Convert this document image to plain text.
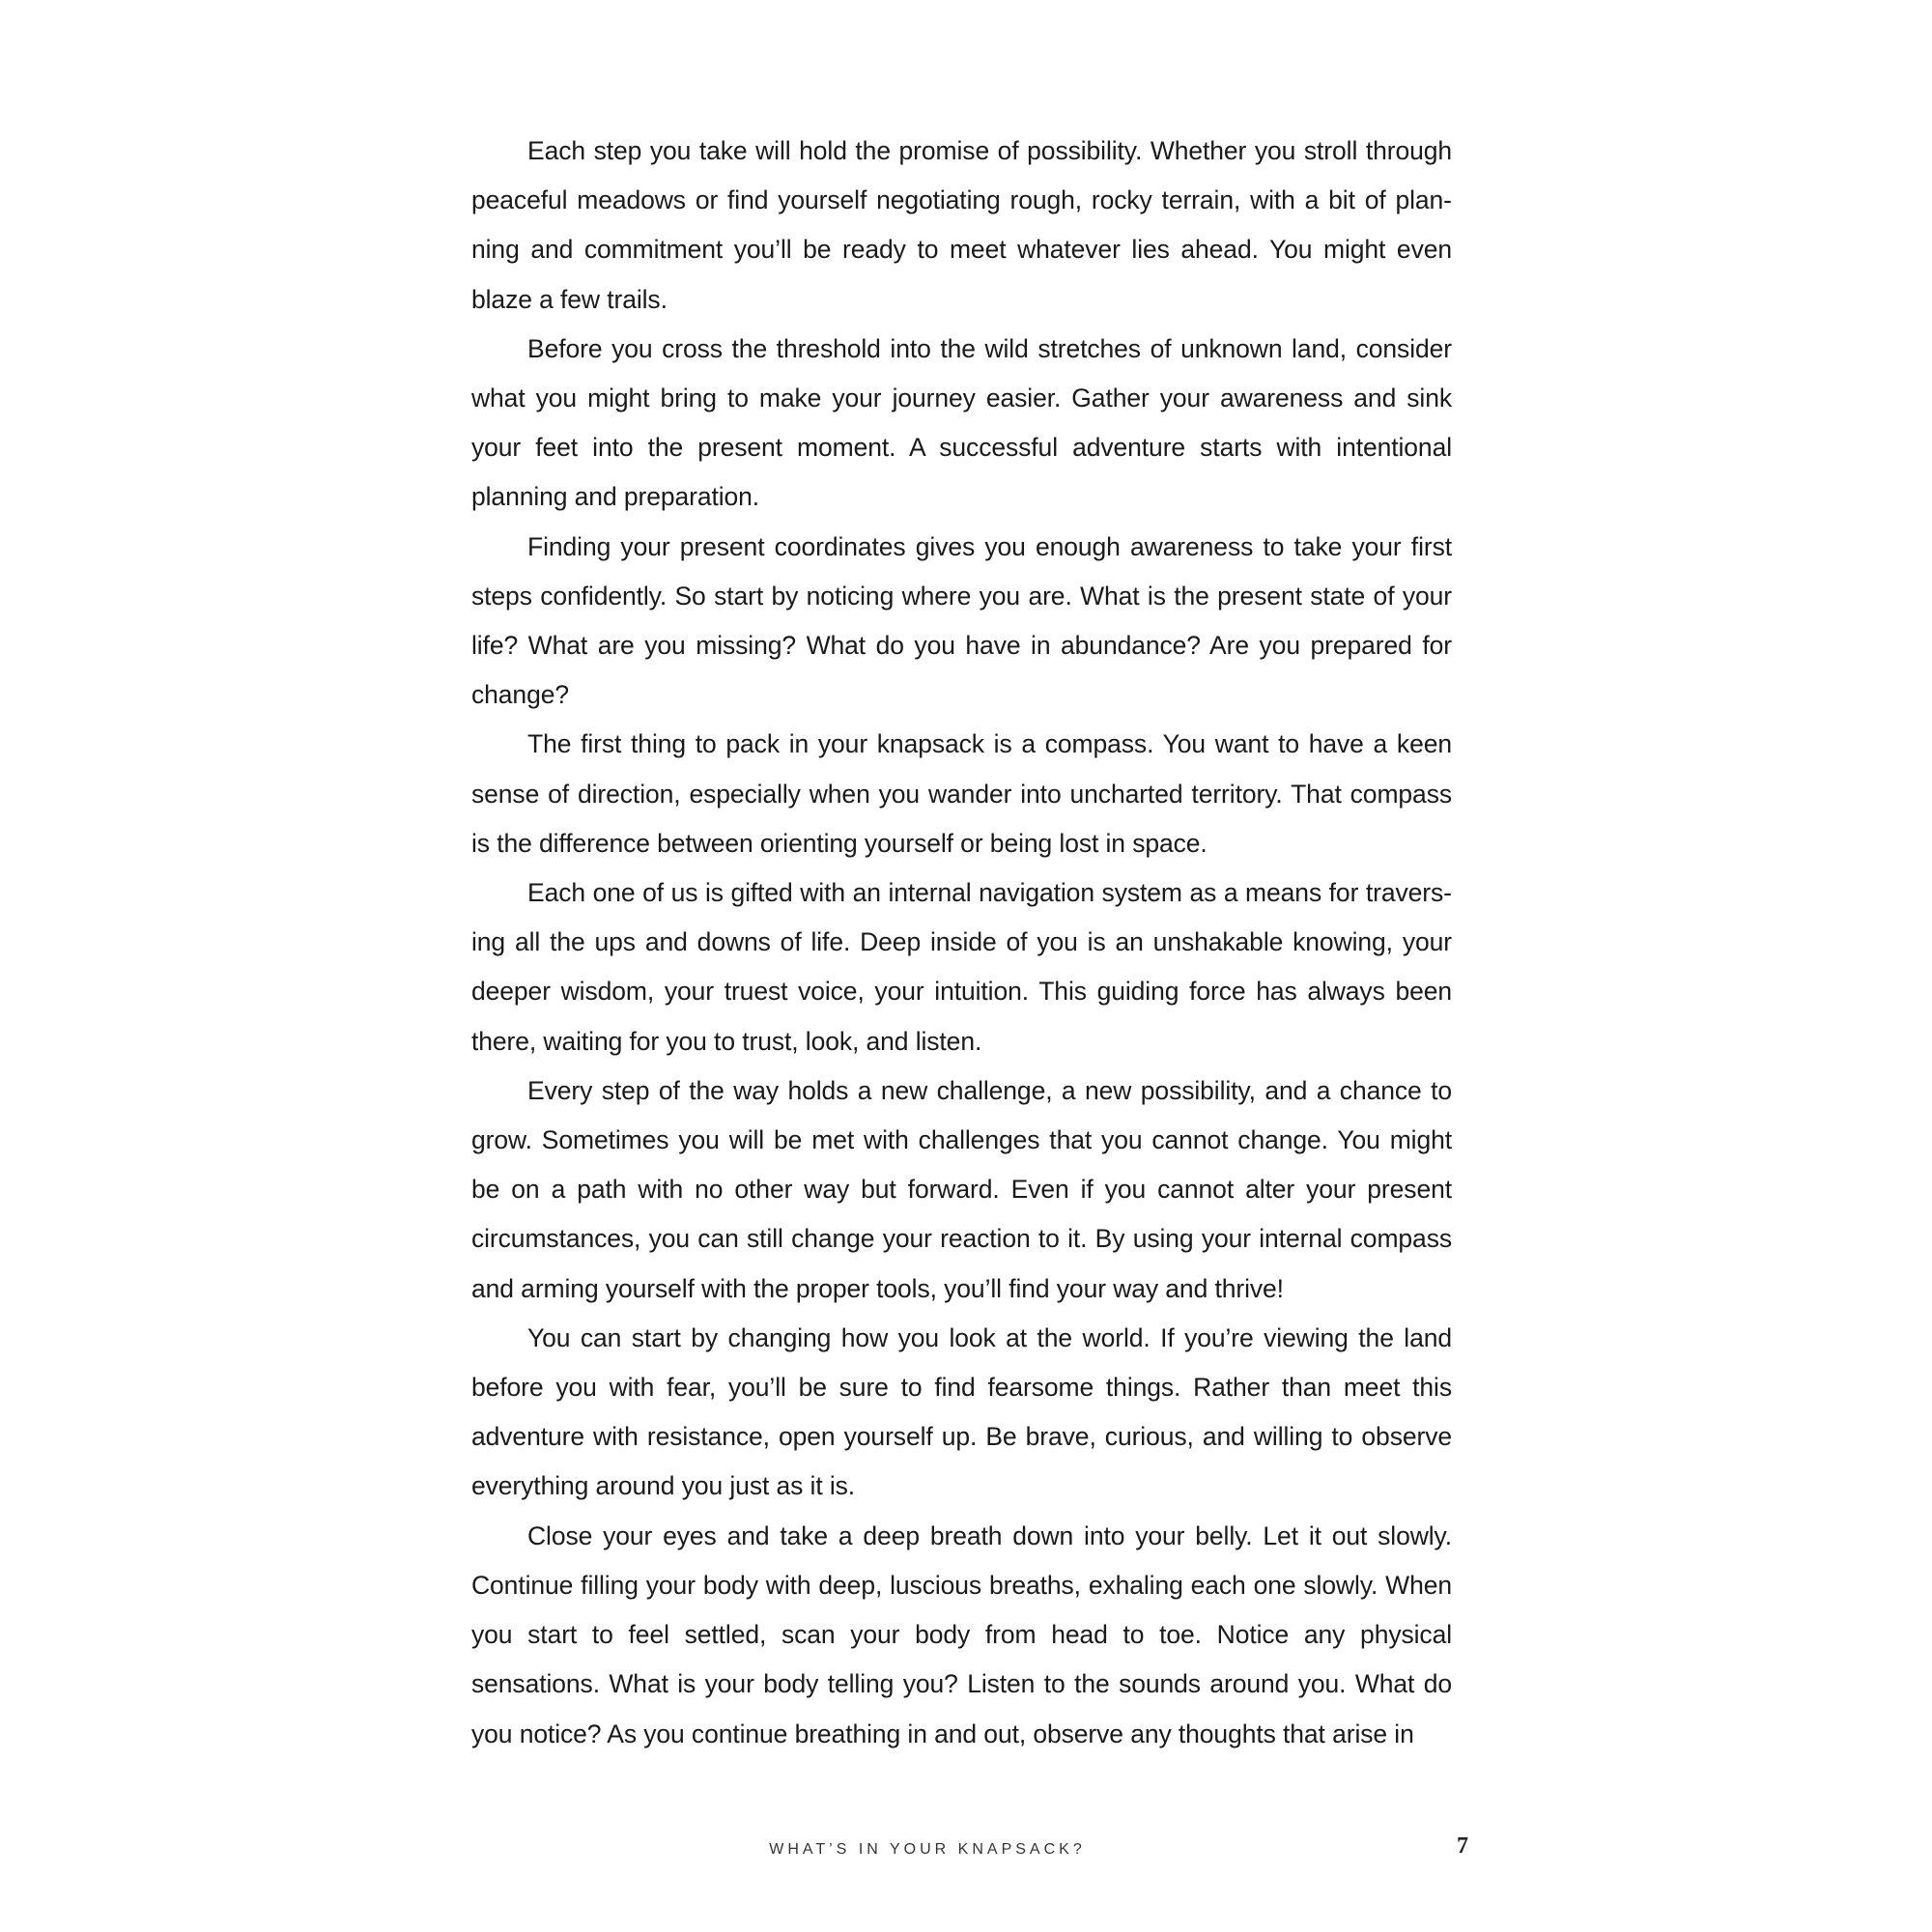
Each step you take will hold the promise of possibility. Whether you stroll through peaceful meadows or find yourself negotiating rough, rocky terrain, with a bit of planning and commitment you’ll be ready to meet whatever lies ahead. You might even blaze a few trails.

Before you cross the threshold into the wild stretches of unknown land, consider what you might bring to make your journey easier. Gather your awareness and sink your feet into the present moment. A successful adventure starts with intentional planning and preparation.

Finding your present coordinates gives you enough awareness to take your first steps confidently. So start by noticing where you are. What is the present state of your life? What are you missing? What do you have in abundance? Are you prepared for change?

The first thing to pack in your knapsack is a compass. You want to have a keen sense of direction, especially when you wander into uncharted territory. That compass is the difference between orienting yourself or being lost in space.

Each one of us is gifted with an internal navigation system as a means for traversing all the ups and downs of life. Deep inside of you is an unshakable knowing, your deeper wisdom, your truest voice, your intuition. This guiding force has always been there, waiting for you to trust, look, and listen.

Every step of the way holds a new challenge, a new possibility, and a chance to grow. Sometimes you will be met with challenges that you cannot change. You might be on a path with no other way but forward. Even if you cannot alter your present circumstances, you can still change your reaction to it. By using your internal compass and arming yourself with the proper tools, you’ll find your way and thrive!

You can start by changing how you look at the world. If you’re viewing the land before you with fear, you’ll be sure to find fearsome things. Rather than meet this adventure with resistance, open yourself up. Be brave, curious, and willing to observe everything around you just as it is.

Close your eyes and take a deep breath down into your belly. Let it out slowly. Continue filling your body with deep, luscious breaths, exhaling each one slowly. When you start to feel settled, scan your body from head to toe. Notice any physical sensations. What is your body telling you? Listen to the sounds around you. What do you notice? As you continue breathing in and out, observe any thoughts that arise in

WHAT’S IN YOUR KNAPSACK?	7
